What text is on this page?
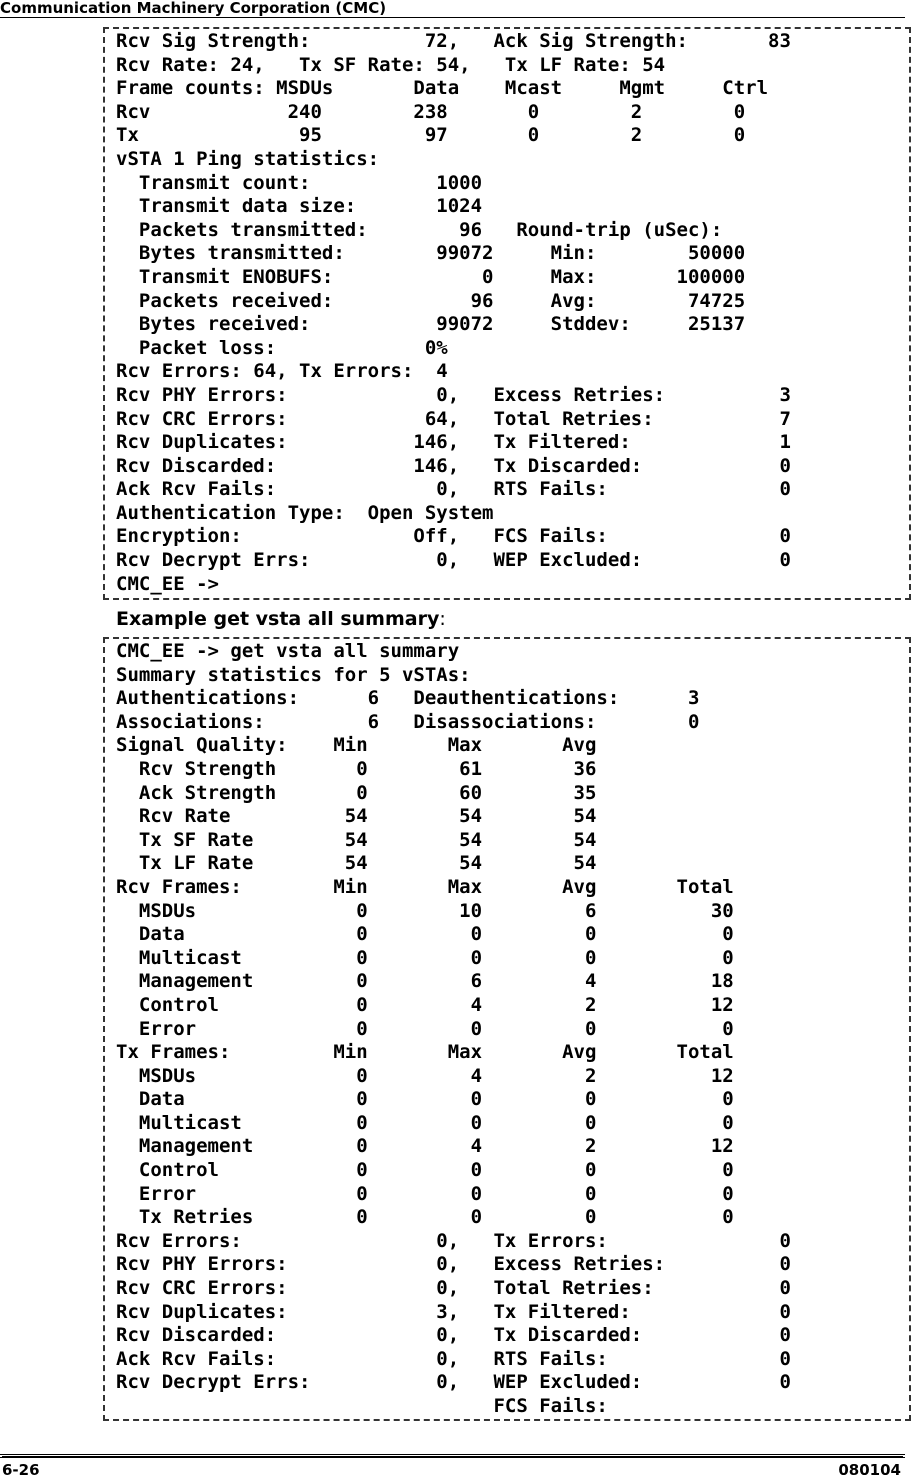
Communication Machinery Corporation (CMC)
Rcv Sig Strength:          72,   Ack Sig Strength:       83
Rcv Rate: 24,   Tx SF Rate: 54,   Tx LF Rate: 54
Frame counts: MSDUs       Data    Mcast     Mgmt     Ctrl
Rcv            240        238       0        2        0
Tx              95         97       0        2        0
vSTA 1 Ping statistics:
Transmit count:           1000
Transmit data size:       1024
Packets transmitted:        96   Round-trip (uSec):
Bytes transmitted:        99072     Min:        50000
Transmit ENOBUFS:             0     Max:       100000
Packets received:            96     Avg:        74725
Bytes received:           99072     Stddev:     25137
Packet loss:             0%
Rcv Errors: 64, Tx Errors:  4
Rcv PHY Errors:             0,   Excess Retries:          3
Rcv CRC Errors:            64,   Total Retries:           7
Rcv Duplicates:           146,   Tx Filtered:             1
Rcv Discarded:            146,   Tx Discarded:            0
Ack Rcv Fails:              0,   RTS Fails:               0
Authentication Type:  Open System
Encryption:               Off,   FCS Fails:               0
Rcv Decrypt Errs:           0,   WEP Excluded:            0
CMC_EE ->
Example get vsta all summary:
CMC_EE -> get vsta all summary
Summary statistics for 5 vSTAs:
Authentications:      6   Deauthentications:      3
Associations:         6   Disassociations:        0
Signal Quality:    Min       Max       Avg
Rcv Strength       0        61        36
Ack Strength       0        60        35
Rcv Rate          54        54        54
Tx SF Rate        54        54        54
Tx LF Rate        54        54        54
Rcv Frames:        Min       Max       Avg       Total
MSDUs              0        10         6          30
Data               0         0         0           0
Multicast          0         0         0           0
Management         0         6         4          18
Control            0         4         2          12
Error              0         0         0           0
Tx Frames:         Min       Max       Avg       Total
MSDUs              0         4         2          12
Data               0         0         0           0
Multicast          0         0         0           0
Management         0         4         2          12
Control            0         0         0           0
Error              0         0         0           0
Tx Retries         0         0         0           0
Rcv Errors:                 0,   Tx Errors:               0
Rcv PHY Errors:             0,   Excess Retries:          0
Rcv CRC Errors:             0,   Total Retries:           0
Rcv Duplicates:             3,   Tx Filtered:             0
Rcv Discarded:              0,   Tx Discarded:            0
Ack Rcv Fails:              0,   RTS Fails:               0
Rcv Decrypt Errs:           0,   WEP Excluded:            0
FCS Fails:
6-26	080104
